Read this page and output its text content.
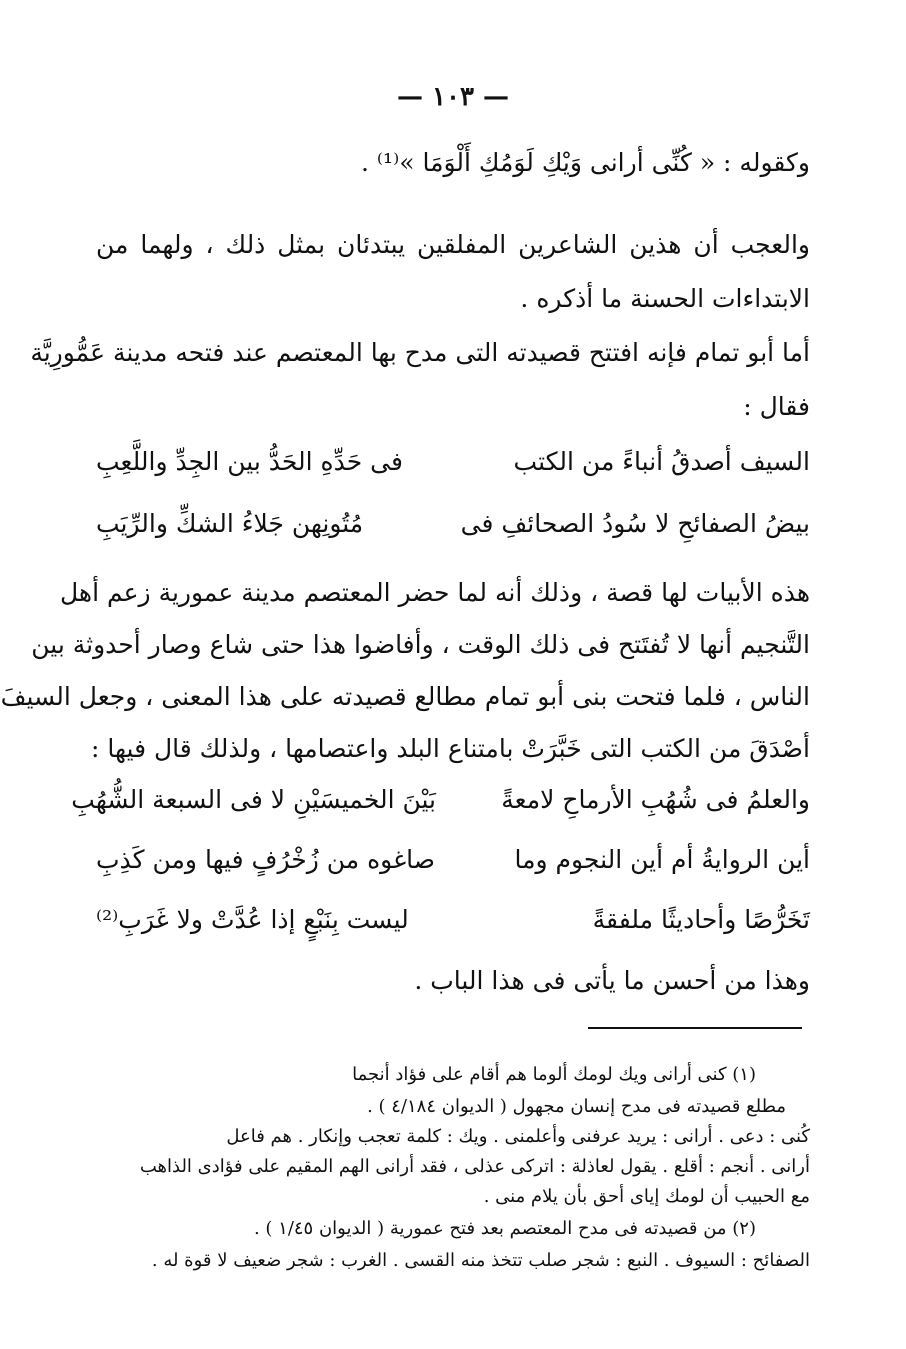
— ١٠٣ —
وكقوله : « كُنِّى أرانى وَيْكِ لَوَمُكِ أَلْوَمَا »⁽¹⁾ .
والعجب أن هذين الشاعرين المفلقين يبتدئان بمثل ذلك ، ولهما من
الابتداءات الحسنة ما أذكره .
أما أبو تمام فإنه افتتح قصيدته التى مدح بها المعتصم عند فتحه مدينة عَمُّورِيَّة
فقال :
السيف أصدقُ أنباءً من الكتب
فى حَدِّهِ الحَدُّ بين الجِدِّ واللَّعِبِ
بيضُ الصفائحِ لا سُودُ الصحائفِ فى
مُتُونِهن جَلاءُ الشكِّ والرِّيَبِ
هذه الأبيات لها قصة ، وذلك أنه لما حضر المعتصم مدينة عمورية زعم أهل
التَّنجيم أنها لا تُفتَتح فى ذلك الوقت ، وأفاضوا هذا حتى شاع وصار أحدوثة بين
الناس ، فلما فتحت بنى أبو تمام مطالع قصيدته على هذا المعنى ، وجعل السيفَ
أصْدَقَ من الكتب التى خَبَّرَتْ بامتناع البلد واعتصامها ، ولذلك قال فيها :
والعلمُ فى شُهُبِ الأرماحِ لامعةً
بَيْنَ الخميسَيْنِ لا فى السبعة الشُّهُبِ
أين الروايةُ أم أين النجوم وما
صاغوه من زُخْرُفٍ فيها ومن كَذِبِ
تَخَرُّصًا وأحاديثًا ملفقةً
ليست بِنَبْعٍ إذا عُدَّتْ ولا غَرَبِ⁽²⁾
وهذا من أحسن ما يأتى فى هذا الباب .
(١) كنى أرانى ويك لومك ألوما هم أقام على فؤاد أنجما
مطلع قصيدته فى مدح إنسان مجهول ( الديوان ٤/١٨٤ ) .
كُنى : دعى . أرانى : يريد عرفنى وأعلمنى . ويك : كلمة تعجب وإنكار . هم فاعل
أرانى . أنجم : أقلع . يقول لعاذلة : اتركى عذلى ، فقد أرانى الهم المقيم على فؤادى الذاهب
مع الحبيب أن لومك إياى أحق بأن يلام منى .
(٢) من قصيدته فى مدح المعتصم بعد فتح عمورية ( الديوان ١/٤٥ ) .
الصفائح : السيوف . النبع : شجر صلب تتخذ منه القسى . الغرب : شجر ضعيف لا قوة له .
